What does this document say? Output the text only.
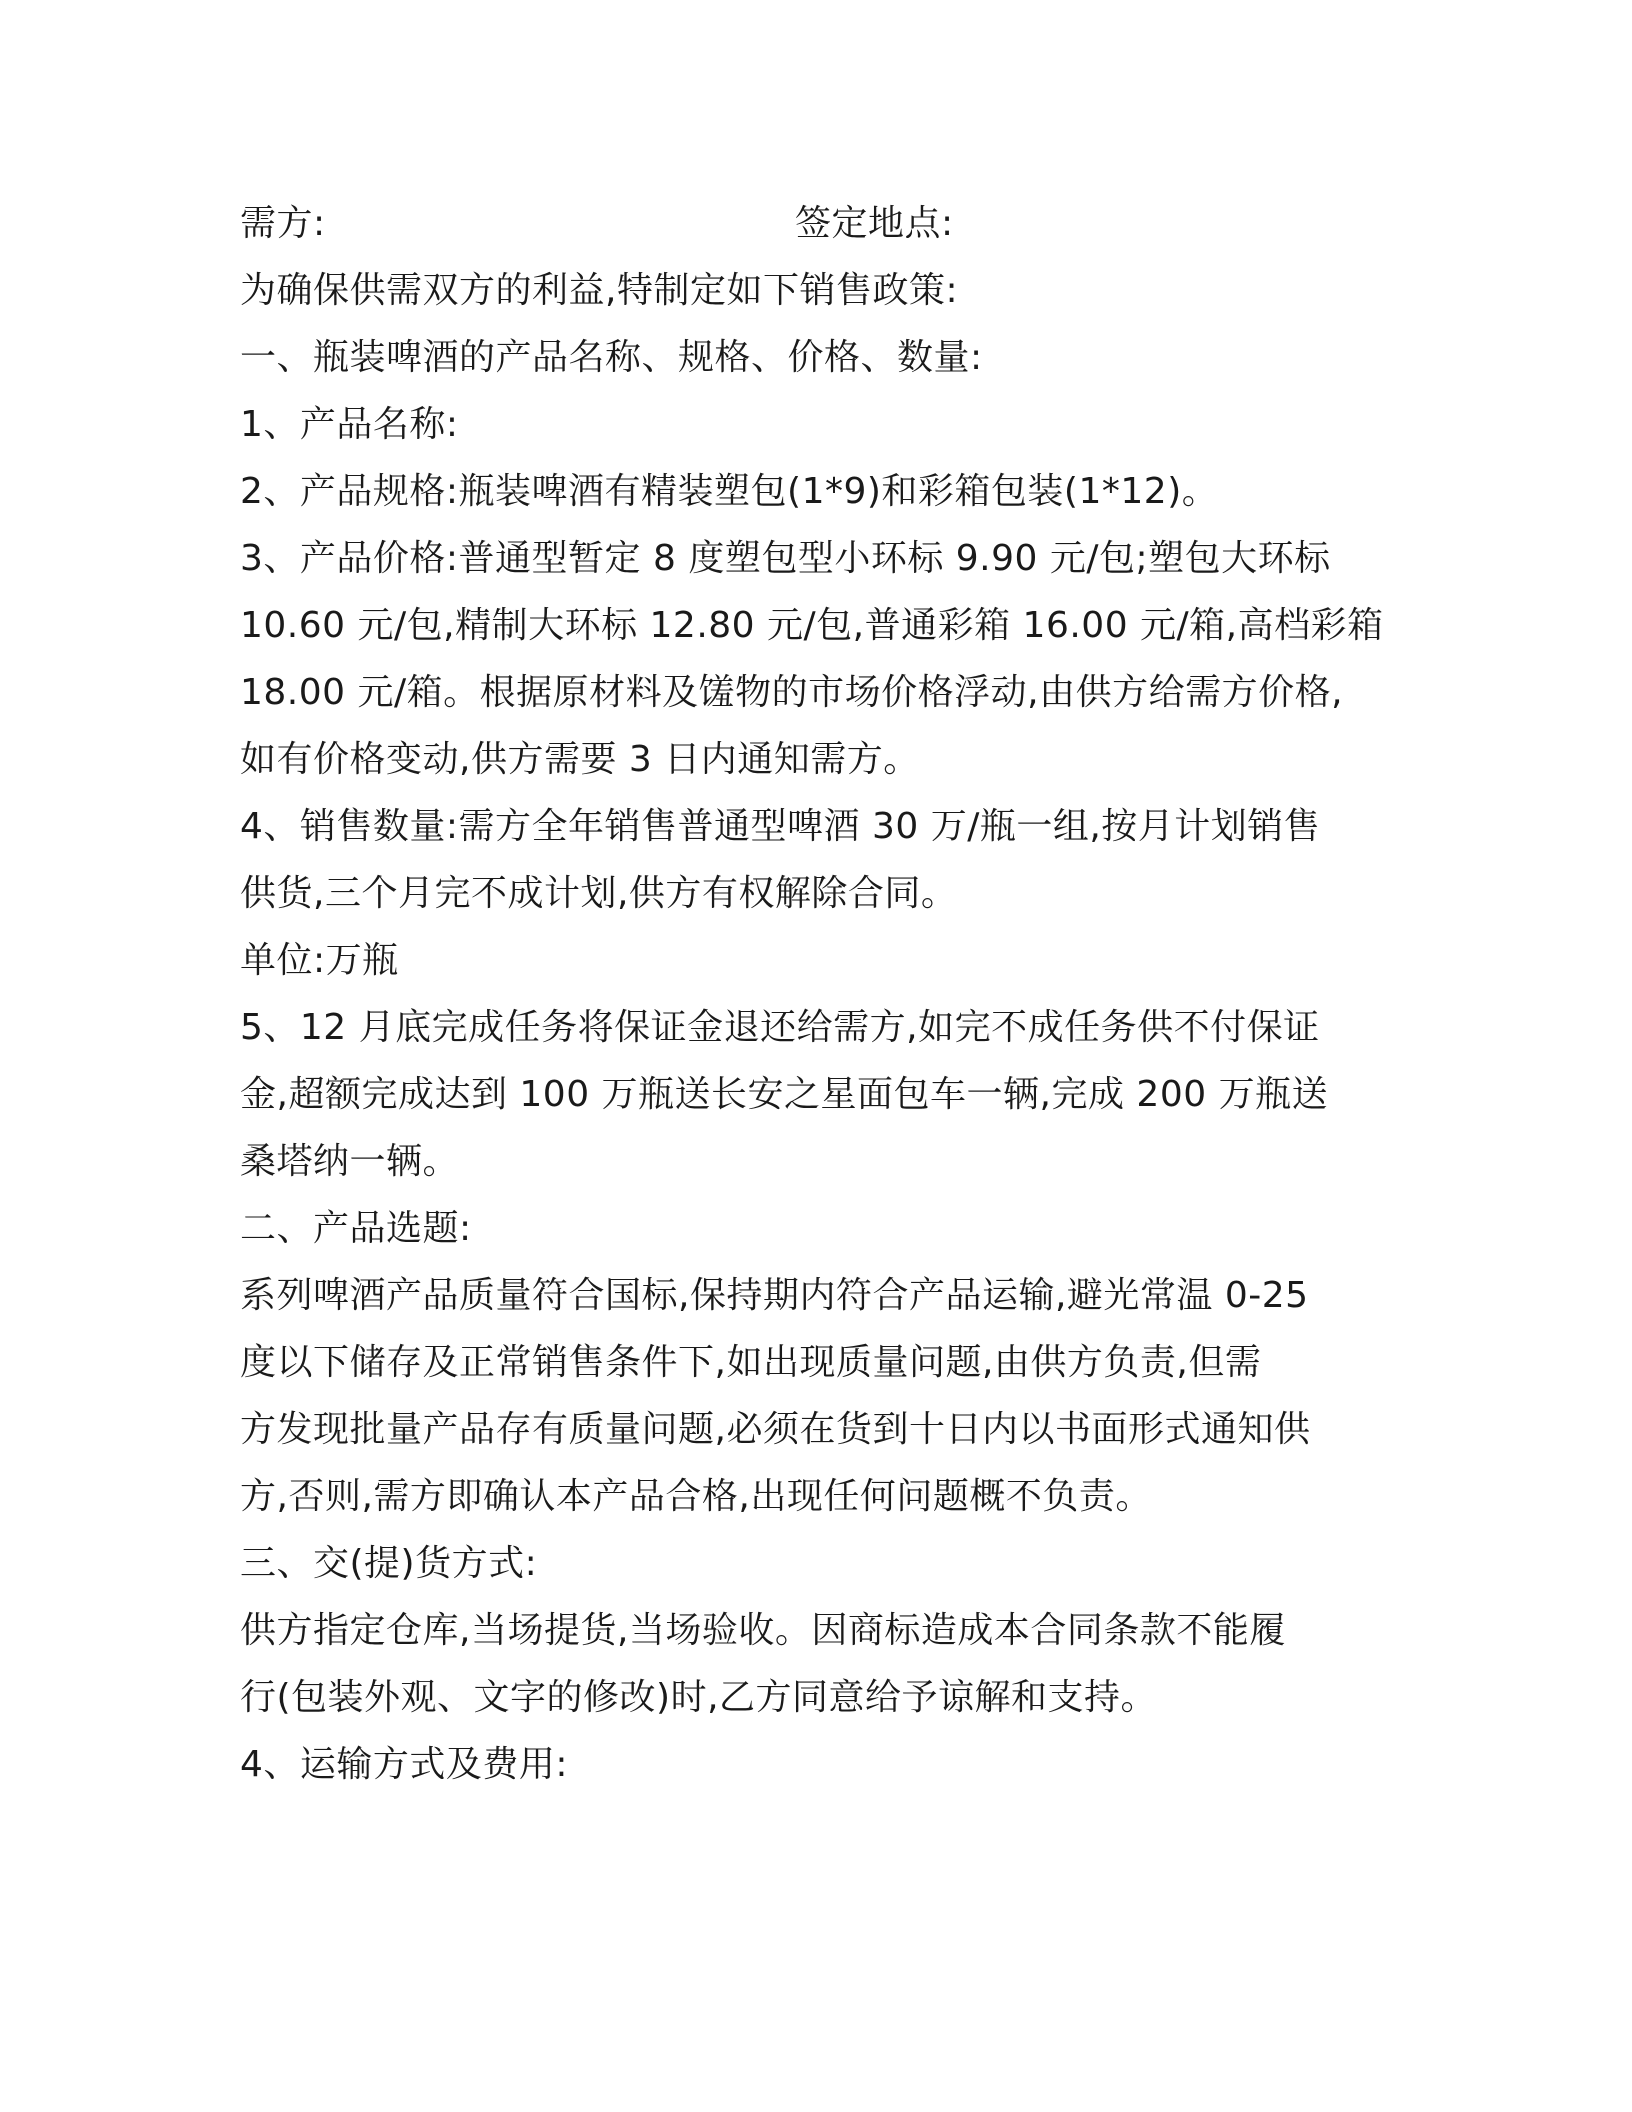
需方:	签定地点:
为确保供需双方的利益,特制定如下销售政策:
一、瓶装啤酒的产品名称、规格、价格、数量:
1、产品名称:
2、产品规格:瓶装啤酒有精装塑包(1*9)和彩箱包装(1*12)。
3、产品价格:普通型暂定 8 度塑包型小环标 9.90 元/包;塑包大环标
10.60 元/包,精制大环标 12.80 元/包,普通彩箱 16.00 元/箱,高档彩箱
18.00 元/箱。根据原材料及馐物的市场价格浮动,由供方给需方价格,
如有价格变动,供方需要 3 日内通知需方。
4、销售数量:需方全年销售普通型啤酒 30 万/瓶一组,按月计划销售
供货,三个月完不成计划,供方有权解除合同。
单位:万瓶
5、12 月底完成任务将保证金退还给需方,如完不成任务供不付保证
金,超额完成达到 100 万瓶送长安之星面包车一辆,完成 200 万瓶送
桑塔纳一辆。
二、产品选题:
系列啤酒产品质量符合国标,保持期内符合产品运输,避光常温 0-25
度以下储存及正常销售条件下,如出现质量问题,由供方负责,但需
方发现批量产品存有质量问题,必须在货到十日内以书面形式通知供
方,否则,需方即确认本产品合格,出现任何问题概不负责。
三、交(提)货方式:
供方指定仓库,当场提货,当场验收。因商标造成本合同条款不能履
行(包装外观、文字的修改)时,乙方同意给予谅解和支持。
4、运输方式及费用:
